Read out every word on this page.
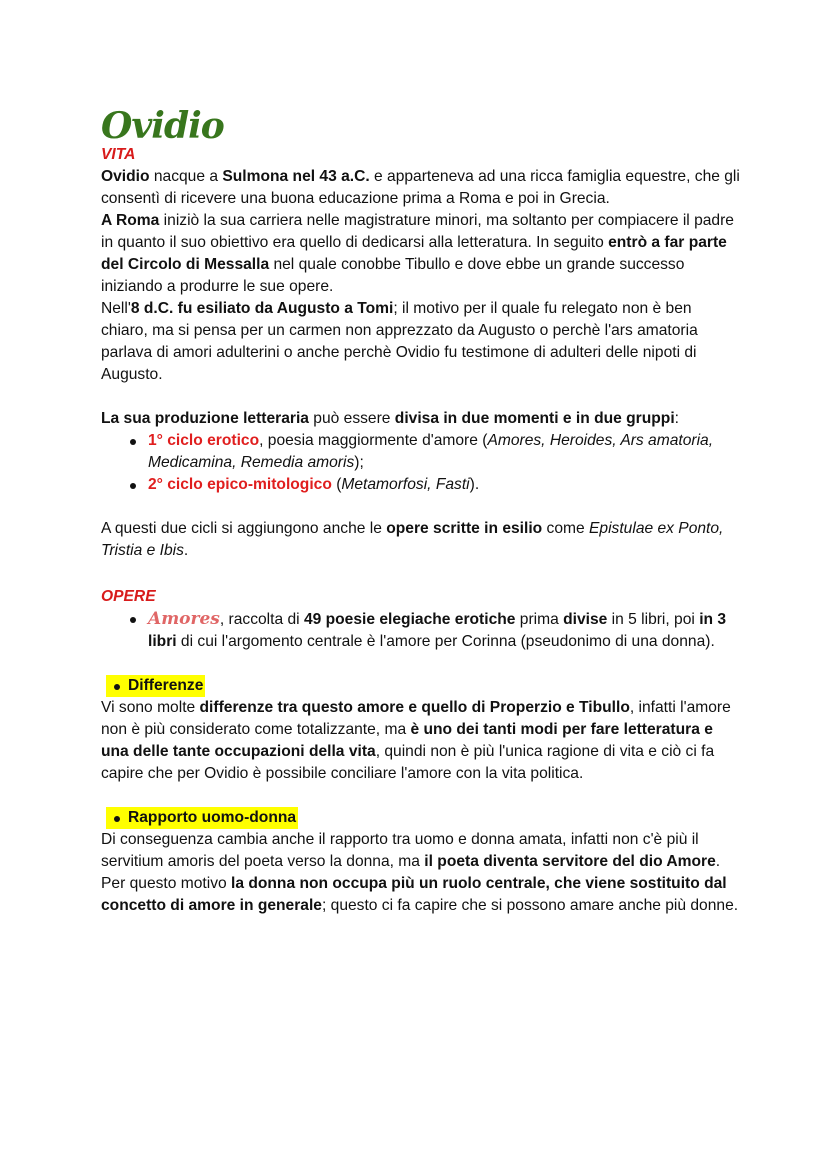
Ovidio
VITA

Ovidio nacque a Sulmona nel 43 a.C. e apparteneva ad una ricca famiglia equestre, che gli consentì di ricevere una buona educazione prima a Roma e poi in Grecia.

A Roma iniziò la sua carriera nelle magistrature minori, ma soltanto per compiacere il padre in quanto il suo obiettivo era quello di dedicarsi alla letteratura. In seguito entrò a far parte del Circolo di Messalla nel quale conobbe Tibullo e dove ebbe un grande successo iniziando a produrre le sue opere.

Nell'8 d.C. fu esiliato da Augusto a Tomi; il motivo per il quale fu relegato non è ben chiaro, ma si pensa per un carmen non apprezzato da Augusto o perchè l'ars amatoria parlava di amori adulterini o anche perchè Ovidio fu testimone di adulteri delle nipoti di Augusto.

La sua produzione letteraria può essere divisa in due momenti e in due gruppi:

1° ciclo erotico, poesia maggiormente d'amore (Amores, Heroides, Ars amatoria, Medicamina, Remedia amoris);
2° ciclo epico-mitologico (Metamorfosi, Fasti).

A questi due cicli si aggiungono anche le opere scritte in esilio come Epistulae ex Ponto, Tristia e Ibis.

OPERE
Amores, raccolta di 49 poesie elegiache erotiche prima divise in 5 libri, poi in 3 libri di cui l'argomento centrale è l'amore per Corinna (pseudonimo di una donna).
Differenze

Vi sono molte differenze tra questo amore e quello di Properzio e Tibullo, infatti l'amore non è più considerato come totalizzante, ma è uno dei tanti modi per fare letteratura e una delle tante occupazioni della vita, quindi non è più l'unica ragione di vita e ciò ci fa capire che per Ovidio è possibile conciliare l'amore con la vita politica.

Rapporto uomo-donna

Di conseguenza cambia anche il rapporto tra uomo e donna amata, infatti non c'è più il servitium amoris del poeta verso la donna, ma il poeta diventa servitore del dio Amore. Per questo motivo la donna non occupa più un ruolo centrale, che viene sostituito dal concetto di amore in generale; questo ci fa capire che si possono amare anche più donne.
